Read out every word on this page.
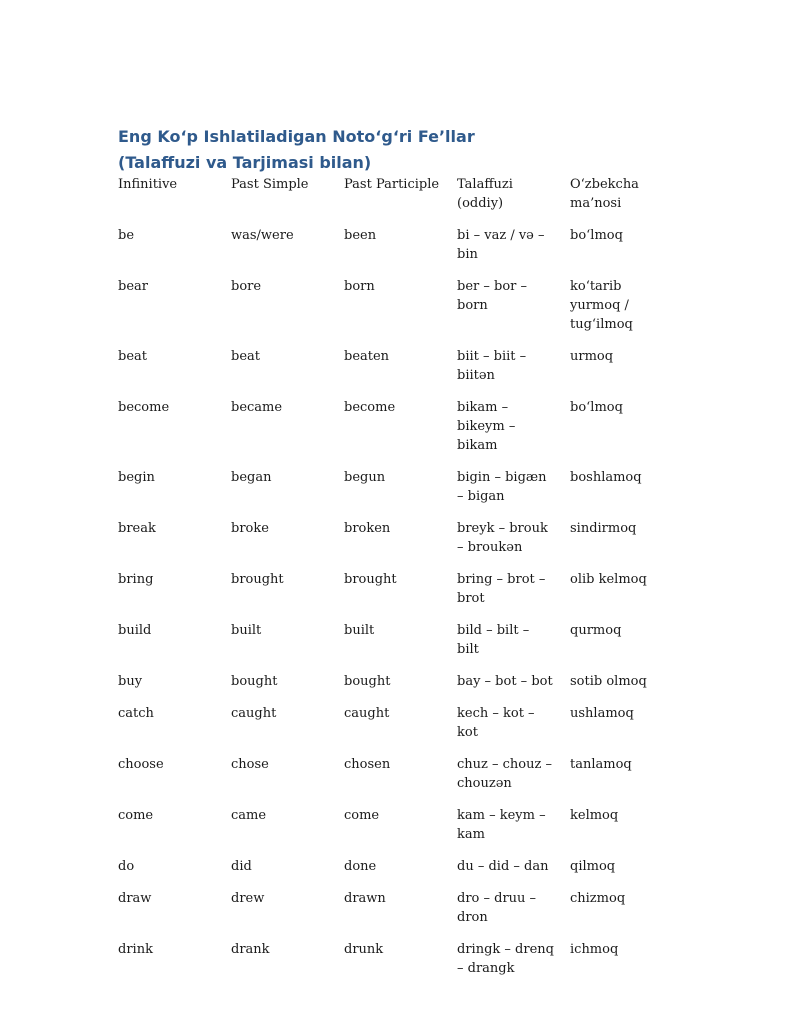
Eng Ko‘p Ishlatiladigan Noto‘g‘ri Fe’llar
(Talaffuzi va Tarjimasi bilan)
Infinitive	Past Simple	Past Participle	Talaffuzi (oddiy)	O‘zbekcha ma’nosi
be	was/were	been	bi – vaz / və – bin	bo‘lmoq
bear	bore	born	ber – bor – born	ko‘tarib yurmoq / tug‘ilmoq
beat	beat	beaten	biit – biit – biitən	urmoq
become	became	become	bikam – bikeym – bikam	bo‘lmoq
begin	began	begun	bigin – bigæn – bigan	boshlamoq
break	broke	broken	breyk – brouk – broukən	sindirmoq
bring	brought	brought	bring – brot – brot	olib kelmoq
build	built	built	bild – bilt – bilt	qurmoq
buy	bought	bought	bay – bot – bot	sotib olmoq
catch	caught	caught	kech – kot – kot	ushlamoq
choose	chose	chosen	chuz – chouz – chouzən	tanlamoq
come	came	come	kam – keym – kam	kelmoq
do	did	done	du – did – dan	qilmoq
draw	drew	drawn	dro – druu – dron	chizmoq
drink	drank	drunk	dringk – drenq – drangk	ichmoq
